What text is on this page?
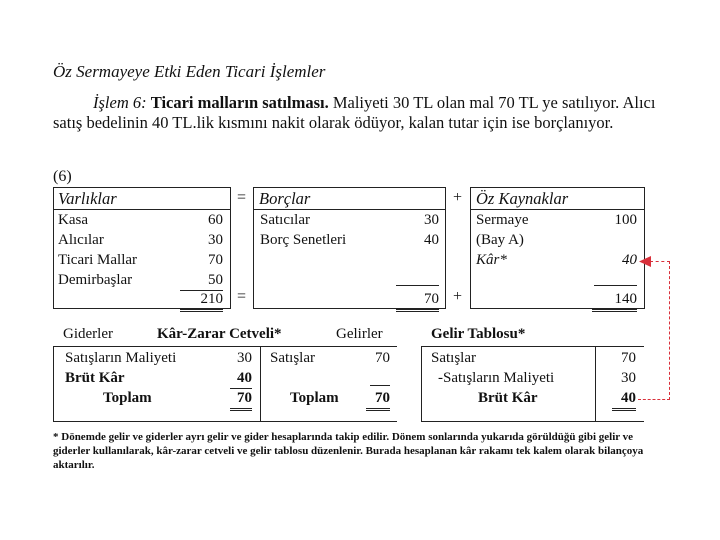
Öz Sermayeye Etki Eden Ticari İşlemler
İşlem 6: Ticari malların satılması. Maliyeti 30 TL olan mal 70 TL ye satılıyor. Alıcı satış bedelinin 40 TL.lik kısmını nakit olarak ödüyor, kalan tutar için ise borçlanıyor.
(6)
Varlıklar
Kasa	60
Alıcılar	30
Ticari Mallar	70
Demirbaşlar	50
210
=
=
Borçlar
Satıcılar	30
Borç Senetleri	40
70
+
+
Öz Kaynaklar
Sermaye	100
(Bay A)
Kâr*	40
140
Giderler	Kâr-Zarar Cetveli*	Gelirler
Satışların Maliyeti	30
Brüt Kâr	40
Toplam	70
Satışlar	70
Toplam	70
Gelir Tablosu*
Satışlar	70
-Satışların Maliyeti	30
Brüt Kâr	40
* Dönemde gelir ve giderler ayrı gelir ve gider hesaplarında takip edilir. Dönem sonlarında yukarıda görüldüğü gibi gelir ve giderler kullanılarak, kâr-zarar cetveli ve gelir tablosu düzenlenir. Burada hesaplanan kâr rakamı tek kalem olarak bilançoya aktarılır.
